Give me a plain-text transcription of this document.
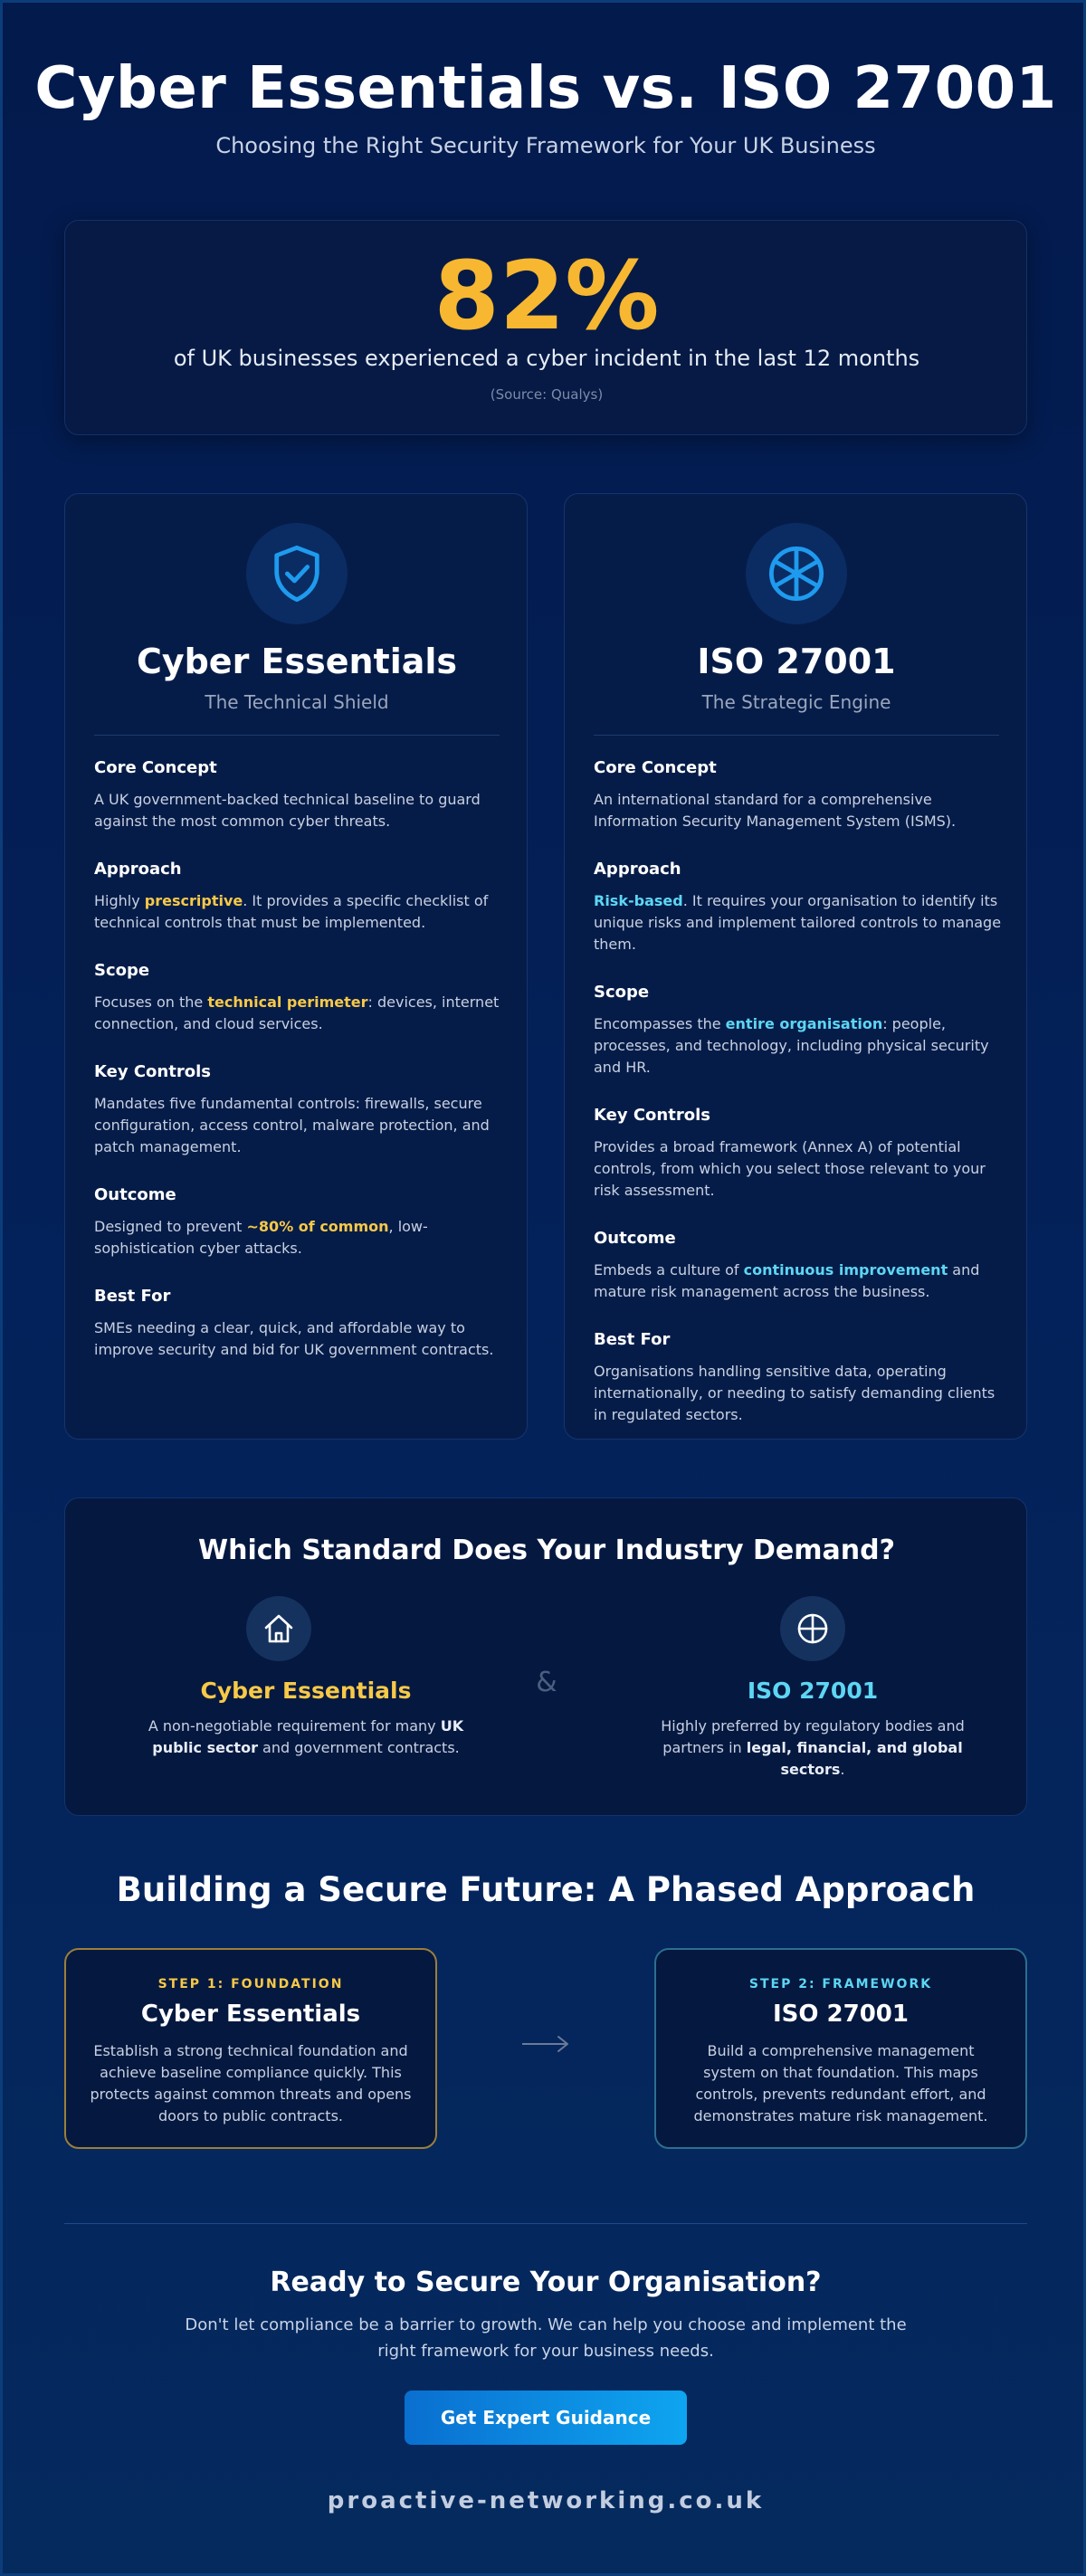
Cyber Essentials vs. ISO 27001
Choosing the Right Security Framework for Your UK Business
82%
of UK businesses experienced a cyber incident in the last 12 months
(Source: Qualys)
Cyber Essentials
The Technical Shield
Core Concept
A UK government-backed technical baseline to guard against the most common cyber threats.
Approach
Highly prescriptive. It provides a specific checklist of technical controls that must be implemented.
Scope
Focuses on the technical perimeter: devices, internet connection, and cloud services.
Key Controls
Mandates five fundamental controls: firewalls, secure configuration, access control, malware protection, and patch management.
Outcome
Designed to prevent ~80% of common, low-sophistication cyber attacks.
Best For
SMEs needing a clear, quick, and affordable way to improve security and bid for UK government contracts.
ISO 27001
The Strategic Engine
Core Concept
An international standard for a comprehensive Information Security Management System (ISMS).
Approach
Risk-based. It requires your organisation to identify its unique risks and implement tailored controls to manage them.
Scope
Encompasses the entire organisation: people, processes, and technology, including physical security and HR.
Key Controls
Provides a broad framework (Annex A) of potential controls, from which you select those relevant to your risk assessment.
Outcome
Embeds a culture of continuous improvement and mature risk management across the business.
Best For
Organisations handling sensitive data, operating internationally, or needing to satisfy demanding clients in regulated sectors.
Which Standard Does Your Industry Demand?
Cyber Essentials
A non-negotiable requirement for many UK public sector and government contracts.
&	ISO 27001
Highly preferred by regulatory bodies and partners in legal, financial, and global sectors.
Building a Secure Future: A Phased Approach
STEP 1: FOUNDATION
Cyber Essentials
Establish a strong technical foundation and achieve baseline compliance quickly. This protects against common threats and opens doors to public contracts.
STEP 2: FRAMEWORK
ISO 27001
Build a comprehensive management system on that foundation. This maps controls, prevents redundant effort, and demonstrates mature risk management.
Ready to Secure Your Organisation?
Don't let compliance be a barrier to growth. We can help you choose and implement the right framework for your business needs.
Get Expert Guidance
proactive-networking.co.uk
